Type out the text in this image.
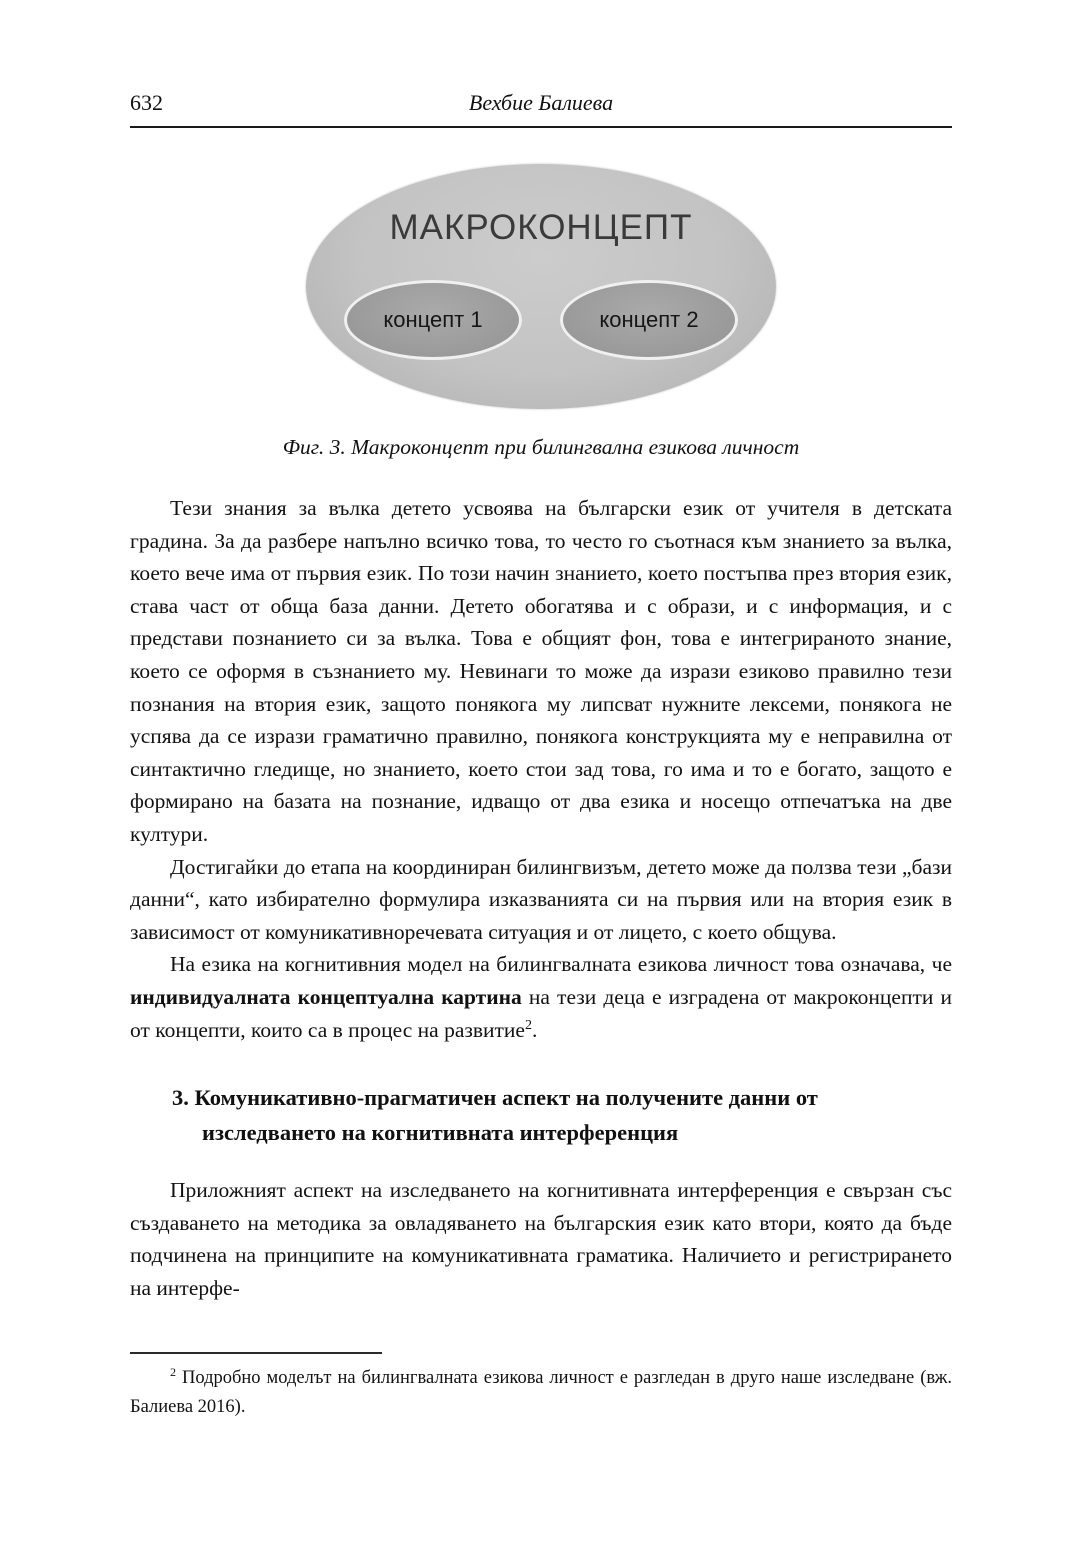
632	Вехбие Балиева
МАКРОКОНЦЕПТ
концепт 1	концепт 2
Фиг. 3. Макроконцепт при билингвална езикова личност

Тези знания за вълка детето усвоява на български език от учителя в детската градина. За да разбере напълно всичко това, то често го съотнася към знанието за вълка, което вече има от първия език. По този начин знанието, което постъпва през втория език, става част от обща база данни. Детето обогатява и с образи, и с информация, и с представи познанието си за вълка. Това е общият фон, това е интегрираното знание, което се оформя в съзнанието му. Невинаги то може да изрази езиково правилно тези познания на втория език, защото понякога му липсват нужните лексеми, понякога не успява да се изрази граматично правилно, понякога конструкцията му е неправилна от синтактично гледище, но знанието, което стои зад това, го има и то е богато, защото е формирано на базата на познание, идващо от два езика и носещо отпечатъка на две култури.

Достигайки до етапа на координиран билингвизъм, детето може да ползва тези „бази данни“, като избирателно формулира изказванията си на първия или на втория език в зависимост от комуникативноречевата ситуация и от лицето, с което общува.

На езика на когнитивния модел на билингвалната езикова личност това означава, че индивидуалната концептуална картина на тези деца е изградена от макроконцепти и от концепти, които са в процес на развитие$^2$.

3. Комуникативно-прагматичен аспект на получените данни от изследването на когнитивната интерференция

Приложният аспект на изследването на когнитивната интерференция е свързан със създаването на методика за овладяването на българския език като втори, която да бъде подчинена на принципите на комуникативната граматика. Наличието и регистрирането на интерфе-

$^2$ Подробно моделът на билингвалната езикова личност е разгледан в друго наше изследване (вж. Балиева 2016).
